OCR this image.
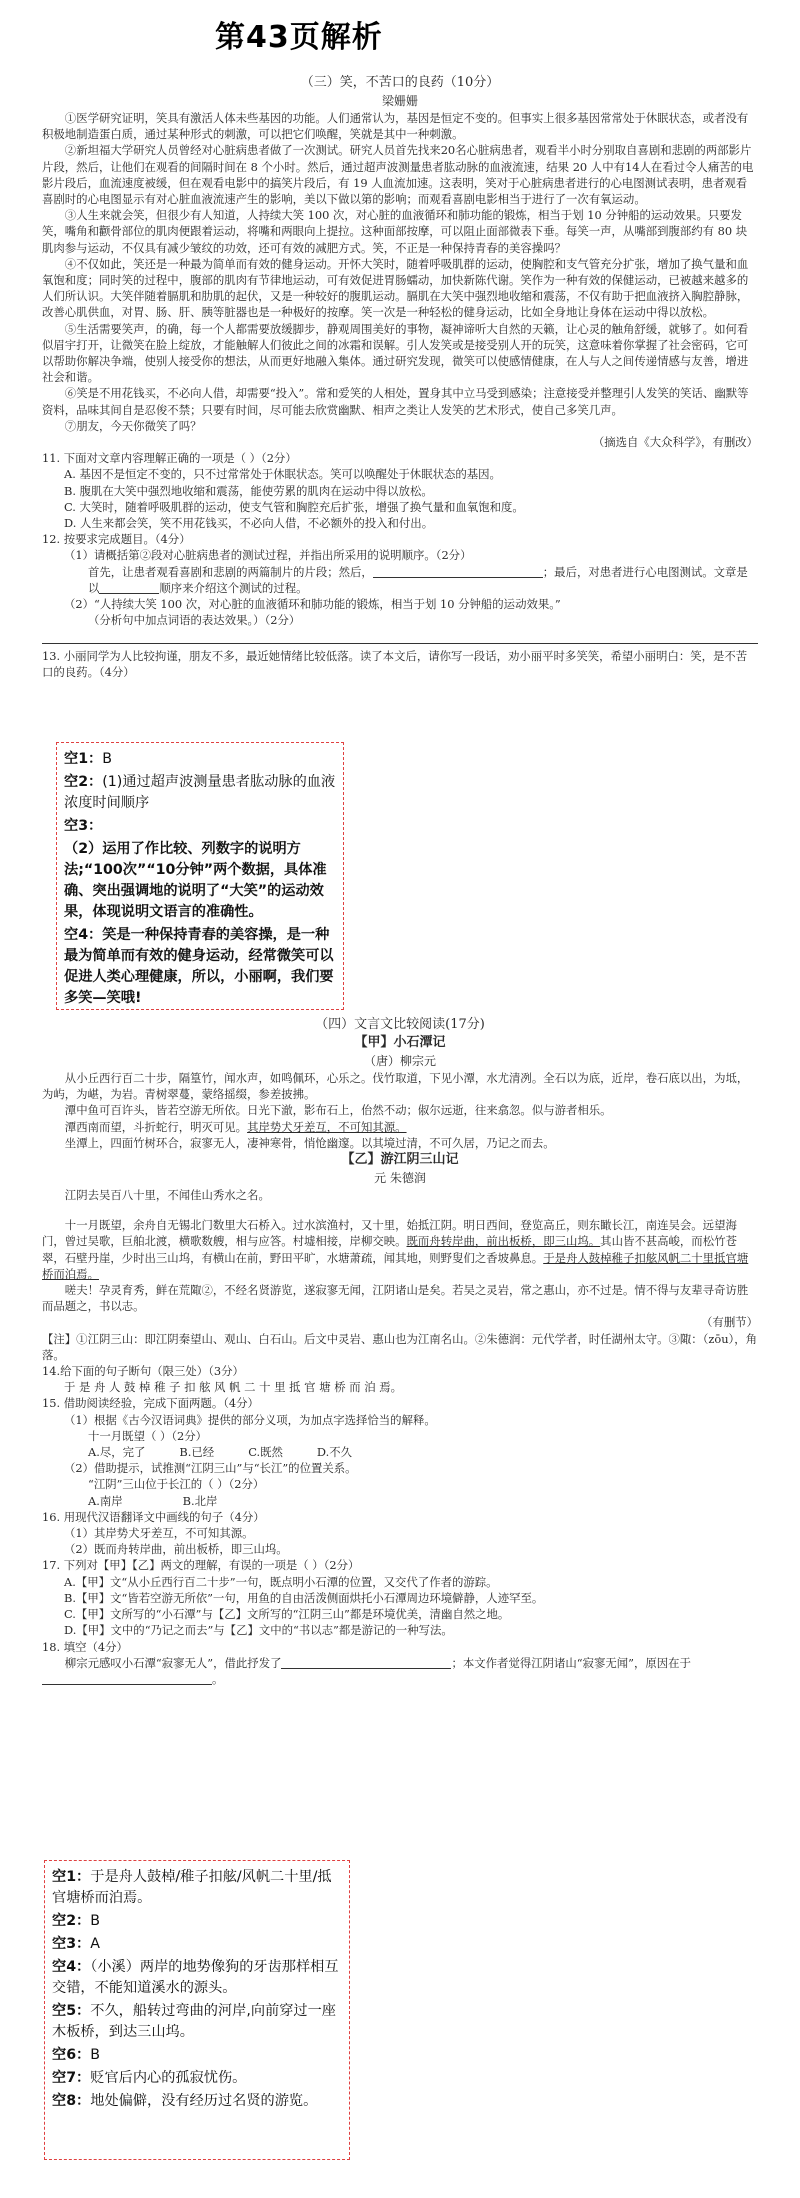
第43页解析

（三）笑，不苦口的良药（10分）

梁姗姗

①医学研究证明，笑具有激活人体未些基因的功能。人们通常认为，基因是恒定不变的。但事实上很多基因常常处于休眠状态，或者没有积极地制造蛋白质，通过某种形式的刺激，可以把它们唤醒，笑就是其中一种刺激。

②新坦福大学研究人员曾经对心脏病患者做了一次测试。研究人员首先找来20名心脏病患者，观看半小时分别取自喜剧和悲剧的两部影片片段，然后，让他们在观看的间隔时间在 8 个小时。然后，通过超声波测量患者肱动脉的血液流速，结果 20 人中有14人在看过令人痛苦的电影片段后，血流速度被缓，但在观看电影中的搞笑片段后，有 19 人血流加速。这表明，笑对于心脏病患者进行的心电图测试表明，患者观看喜剧时的心电图显示有对心脏血液流速产生的影响，美以下做以第的影响；而观看喜剧电影相当于进行了一次有氧运动。

③人生来就会笑，但很少有人知道，人持续大笑 100 次，对心脏的血液循环和肺功能的锻炼，相当于划 10 分钟船的运动效果。只要发笑，嘴角和颧骨部位的肌肉便跟着运动，将嘴和两眼向上提拉。这种面部按摩，可以阻止面部微表下垂。每笑一声，从嘴部到腹部约有 80 块肌肉参与运动，不仅具有减少皱纹的功效，还可有效的减肥方式。笑，不正是一种保持青春的美容操吗？

④不仅如此，笑还是一种最为简单而有效的健身运动。开怀大笑时，随着呼吸肌群的运动，使胸腔和支气管充分扩张，增加了换气量和血氧饱和度；同时笑的过程中，腹部的肌肉有节律地运动，可有效促进胃肠蠕动，加快新陈代谢。笑作为一种有效的保健运动，已被越来越多的人们所认识。大笑伴随着膈肌和肋肌的起伏，又是一种较好的腹肌运动。膈肌在大笑中强烈地收缩和震荡，不仅有助于把血液挤入胸腔静脉，改善心肌供血，对胃、肠、肝、胰等脏器也是一种极好的按摩。笑一次是一种轻松的健身运动，比如全身地让身体在运动中得以放松。

⑤生活需要笑声，的确，每一个人都需要放缓脚步，静观周围美好的事物，凝神谛听大自然的天籁，让心灵的触角舒缓，就够了。如何看似眉宇打开，让微笑在脸上绽放，才能触解人们彼此之间的冰霜和误解。引人发笑或是接受别人开的玩笑，这意味着你掌握了社会密码，它可以帮助你解决争端，使别人接受你的想法，从而更好地融入集体。通过研究发现，微笑可以使感情健康，在人与人之间传递情感与友善，增进社会和谐。

⑥笑是不用花钱买，不必向人借，却需要“投入”。常和爱笑的人相处，置身其中立马受到感染；注意接受并整理引人发笑的笑话、幽默等资料，品味其间自是忍俊不禁；只要有时间，尽可能去欣赏幽默、相声之类让人发笑的艺术形式，使自己多笑几声。

⑦朋友，今天你微笑了吗？

（摘选自《大众科学》，有删改）

11. 下面对文章内容理解正确的一项是（ ）（2分）

A. 基因不是恒定不变的，只不过常常处于休眠状态。笑可以唤醒处于休眠状态的基因。

B. 腹肌在大笑中强烈地收缩和震荡，能使劳累的肌肉在运动中得以放松。

C. 大笑时，随着呼吸肌群的运动，使支气管和胸腔充后扩张，增强了换气量和血氧饱和度。

D. 人生来都会笑，笑不用花钱买，不必向人借，不必额外的投入和付出。

12. 按要求完成题目。（4分）

（1）请概括第②段对心脏病患者的测试过程，并指出所采用的说明顺序。（2分）

首先，让患者观看喜剧和悲剧的两篇制片的片段；然后，	；最后，对患者进行心电图测试。文章是以	顺序来介绍这个测试的过程。

（2）“人持续大笑 100 次，对心脏的血液循环和肺功能的锻炼，相当于划 10 分钟船的运动效果。”

（分析句中加点词语的表达效果。）（2分）

13. 小丽同学为人比较拘谨，朋友不多，最近她情绪比较低落。读了本文后，请你写一段话，劝小丽平时多笑笑，希望小丽明白：笑，是不苦口的良药。（4分）

空1：B

空2：(1)通过超声波测量患者肱动脉的血液浓度时间顺序

空3：

（2）运用了作比较、列数字的说明方法;“100次”“10分钟”两个数据，具体准确、突出强调地的说明了“大笑”的运动效果，体现说明文语言的准确性。

空4：笑是一种保持青春的美容操，是一种最为简单而有效的健身运动，经常微笑可以促进人类心理健康，所以，小丽啊，我们要多笑—笑哦!

（四）文言文比较阅读(17分)

【甲】小石潭记

（唐）柳宗元

从小丘西行百二十步，隔篁竹，闻水声，如鸣佩环，心乐之。伐竹取道，下见小潭，水尤清冽。全石以为底，近岸，卷石底以出，为坻，为屿，为嵁，为岩。青树翠蔓，蒙络摇缀，参差披拂。

潭中鱼可百许头，皆若空游无所依。日光下澈，影布石上，佁然不动；俶尔远逝，往来翕忽。似与游者相乐。

潭西南而望，斗折蛇行，明灭可见。其岸势犬牙差互，不可知其源。

坐潭上，四面竹树环合，寂寥无人，凄神寒骨，悄怆幽邃。以其境过清，不可久居，乃记之而去。

【乙】游江阴三山记

元 朱德润

江阴去吴百八十里，不闻佳山秀水之名。

十一月既望，余舟自无锡北门数里大石桥入。过水滨渔村，又十里，始抵江阴。明日西间，登览高丘，则东瞰长江，南连吴会。远望海门，曾过吴歌，巨舶北渡，横歌数艘，相与应答。村墟相接，岸柳交映。既而舟转岸曲，前出板桥，即三山坞。其山皆不甚高峻，而松竹苍翠，石壁丹崖，少时出三山坞，有横山在前，野田平旷，水塘萧疏，闻其地，则野叟们之香坡鼻息。于是舟人鼓棹稚子扣舷风帆二十里抵官塘桥而泊焉。

嗟夫！孕灵育秀，鲜在荒陬②，不经名贤游览，遂寂寥无闻，江阴诸山是矣。若吴之灵岩，常之惠山，亦不过是。情不得与友辈寻奇访胜而品题之，书以志。

（有删节）

【注】①江阴三山：即江阴秦望山、观山、白石山。后文中灵岩、惠山也为江南名山。②朱德润：元代学者，时任湖州太守。③陬：（zōu），角落。

14.给下面的句子断句（限三处）（3分）

于 是 舟 人 鼓 棹 稚 子 扣 舷 风 帆 二 十 里 抵 官 塘 桥 而 泊 焉。

15. 借助阅读经验，完成下面两题。（4分）

（1）根据《古今汉语词典》提供的部分义项，为加点字选择恰当的解释。

十一月既望（ ）（2分）

A.尽，完了	B.已经	C.既然	D.不久

（2）借助提示，试推测“江阴三山”与“长江”的位置关系。

“江阴”三山位于长江的（ ）（2分）

A.南岸	B.北岸

16. 用现代汉语翻译文中画线的句子（4分）

（1）其岸势犬牙差互，不可知其源。

（2）既而舟转岸曲，前出板桥，即三山坞。

17. 下列对【甲】【乙】两文的理解，有误的一项是（ ）（2分）

A.【甲】文“从小丘西行百二十步”一句，既点明小石潭的位置，又交代了作者的游踪。

B.【甲】文“皆若空游无所依”一句，用鱼的自由活泼侧面烘托小石潭周边环境僻静，人迹罕至。

C.【甲】文所写的“小石潭”与【乙】文所写的“江阴三山”都是环境优美，清幽自然之地。

D.【甲】文中的“乃记之而去”与【乙】文中的“书以志”都是游记的一种写法。

18. 填空（4分）

柳宗元感叹小石潭“寂寥无人”，借此抒发了	；本文作者觉得江阴诸山“寂寥无闻”，原因在于。

空1：于是舟人鼓棹/稚子扣舷/风帆二十里/抵官塘桥而泊焉。

空2：B

空3：A

空4：（小溪）两岸的地势像狗的牙齿那样相互交错，不能知道溪水的源头。

空5：不久，船转过弯曲的河岸,向前穿过一座木板桥，到达三山坞。

空6：B

空7：贬官后内心的孤寂忧伤。

空8：地处偏僻，没有经历过名贤的游览。
